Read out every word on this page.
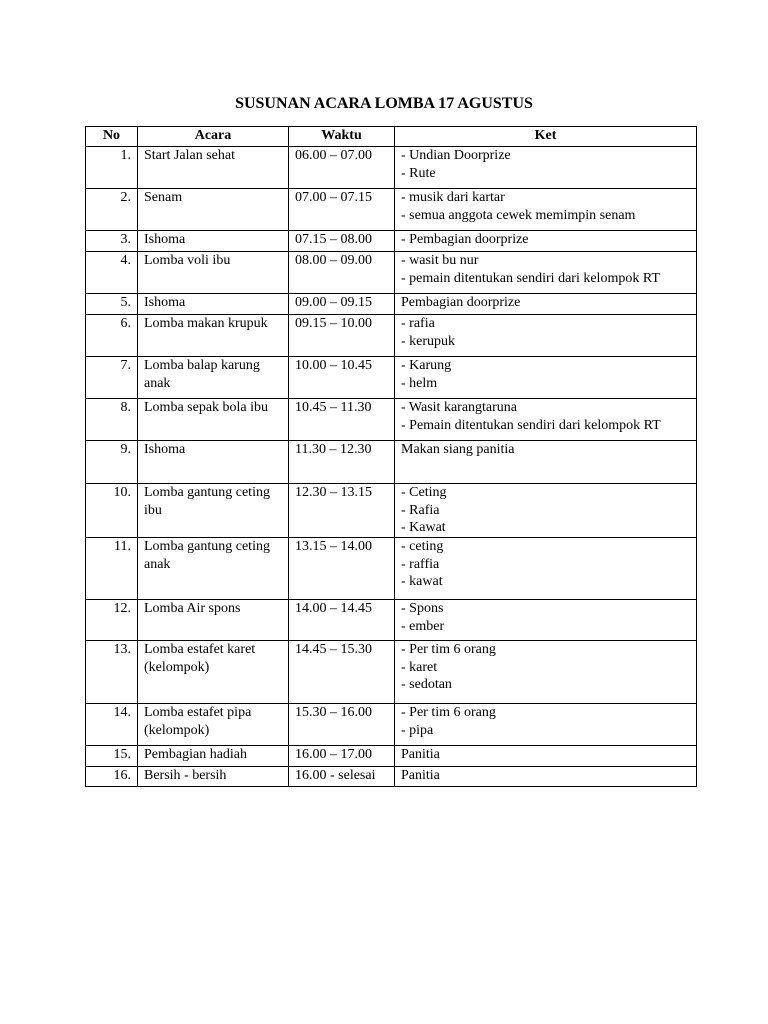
SUSUNAN ACARA LOMBA 17 AGUSTUS
No	Acara	Waktu	Ket
1.	Start Jalan sehat	06.00 – 07.00	- Undian Doorprize
- Rute

2.	Senam	07.00 – 07.15	- musik dari kartar
- semua anggota cewek memimpin senam

3.	Ishoma	07.15 – 08.00	- Pembagian doorprize

4.	Lomba voli ibu	08.00 – 09.00	- wasit bu nur
- pemain ditentukan sendiri dari kelompok RT

5.	Ishoma	09.00 – 09.15	Pembagian doorprize

6.	Lomba makan krupuk	09.15 – 10.00	- rafia
- kerupuk

7.	Lomba balap karung anak	10.00 – 10.45	- Karung
- helm

8.	Lomba sepak bola ibu	10.45 – 11.30	- Wasit karangtaruna
- Pemain ditentukan sendiri dari kelompok RT

9.	Ishoma	11.30 – 12.30	Makan siang panitia

10.	Lomba gantung ceting ibu	12.30 – 13.15	- Ceting
- Rafia
- Kawat

11.	Lomba gantung ceting anak	13.15 – 14.00	- ceting
- raffia
- kawat

12.	Lomba Air spons	14.00 – 14.45	- Spons
- ember

13.	Lomba estafet karet (kelompok)	14.45 – 15.30	- Per tim 6 orang
- karet
- sedotan

14.	Lomba estafet pipa (kelompok)	15.30 – 16.00	- Per tim 6 orang
- pipa

15.	Pembagian hadiah	16.00 – 17.00	Panitia

16.	Bersih - bersih	16.00 - selesai	Panitia
